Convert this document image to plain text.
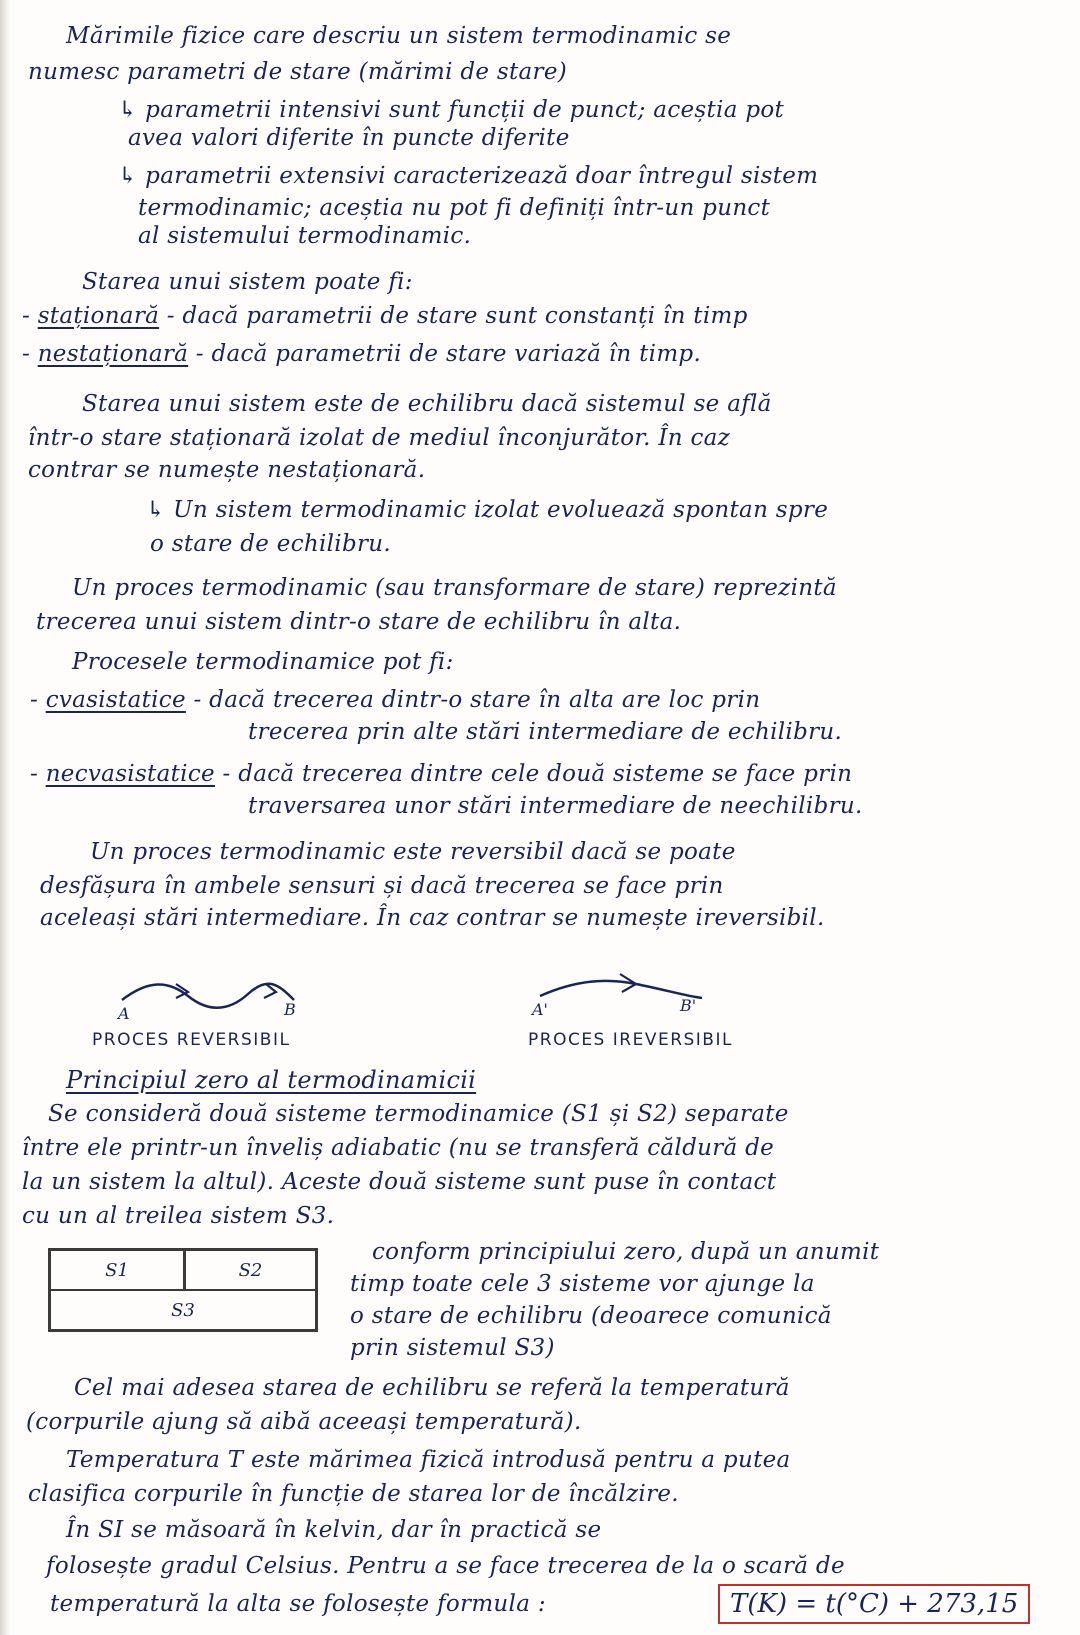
Mărimile fizice care descriu un sistem termodinamic se
numesc parametri de stare (mărimi de stare)
↳ parametrii intensivi sunt funcții de punct; aceștia pot
avea valori diferite în puncte diferite
↳ parametrii extensivi caracterizează doar întregul sistem
termodinamic; aceștia nu pot fi definiți într-un punct
al sistemului termodinamic.
Starea unui sistem poate fi:
- staționară - dacă parametrii de stare sunt constanți în timp
- nestaționară - dacă parametrii de stare variază în timp.
Starea unui sistem este de echilibru dacă sistemul se află
într-o stare staționară izolat de mediul înconjurător. În caz
contrar se numește nestaționară.
↳ Un sistem termodinamic izolat evoluează spontan spre
o stare de echilibru.
Un proces termodinamic (sau transformare de stare) reprezintă
trecerea unui sistem dintr-o stare de echilibru în alta.
Procesele termodinamice pot fi:
- cvasistatice - dacă trecerea dintr-o stare în alta are loc prin
trecerea prin alte stări intermediare de echilibru.
- necvasistatice - dacă trecerea dintre cele două sisteme se face prin
traversarea unor stări intermediare de neechilibru.
Un proces termodinamic este reversibil dacă se poate
desfășura în ambele sensuri și dacă trecerea se face prin
aceleași stări intermediare. În caz contrar se numește ireversibil.
A	B
PROCES REVERSIBIL
A'	B'
PROCES IREVERSIBIL
Principiul zero al termodinamicii
Se consideră două sisteme termodinamice (S1 și S2) separate
între ele printr-un înveliș adiabatic (nu se transferă căldură de
la un sistem la altul). Aceste două sisteme sunt puse în contact
cu un al treilea sistem S3.
S1	S2
S3
conform principiului zero, după un anumit
timp toate cele 3 sisteme vor ajunge la
o stare de echilibru (deoarece comunică
prin sistemul S3)
Cel mai adesea starea de echilibru se referă la temperatură
(corpurile ajung să aibă aceeași temperatură).
Temperatura T este mărimea fizică introdusă pentru a putea
clasifica corpurile în funcție de starea lor de încălzire.
În SI se măsoară în kelvin, dar în practică se
folosește gradul Celsius. Pentru a se face trecerea de la o scară de
temperatură la alta se folosește formula :	T(K) = t(°C) + 273,15
